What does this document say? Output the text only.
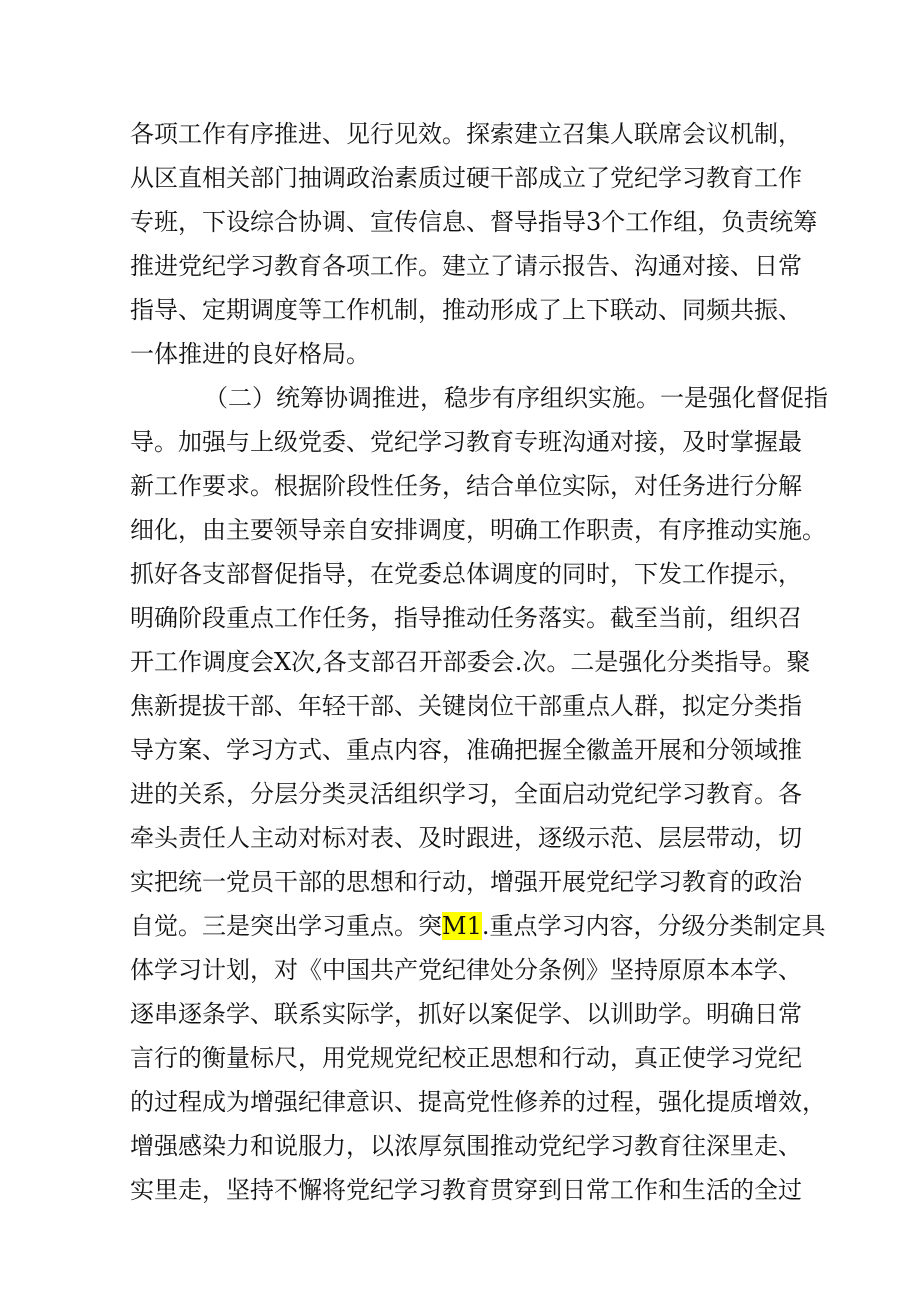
各项工作有序推进、见行见效。探索建立召集人联席会议机制，
从区直相关部门抽调政治素质过硬干部成立了党纪学习教育工作
专班，下设综合协调、宣传信息、督导指导3个工作组，负责统筹
推进党纪学习教育各项工作。建立了请示报告、沟通对接、日常
指导、定期调度等工作机制，推动形成了上下联动、同频共振、
一体推进的良好格局。
（二）统筹协调推进，稳步有序组织实施。一是强化督促指
导。加强与上级党委、党纪学习教育专班沟通对接，及时掌握最
新工作要求。根据阶段性任务，结合单位实际，对任务进行分解
细化，由主要领导亲自安排调度，明确工作职责，有序推动实施。
抓好各支部督促指导，在党委总体调度的同时，下发工作提示，
明确阶段重点工作任务，指导推动任务落实。截至当前，组织召
开工作调度会X次,各支部召开部委会.次。二是强化分类指导。聚
焦新提拔干部、年轻干部、关键岗位干部重点人群，拟定分类指
导方案、学习方式、重点内容，准确把握全徽盖开展和分领域推
进的关系，分层分类灵活组织学习，全面启动党纪学习教育。各
牵头责任人主动对标对表、及时跟进，逐级示范、层层带动，切
实把统一党员干部的思想和行动，增强开展党纪学习教育的政治
自觉。三是突出学习重点。突M1.重点学习内容，分级分类制定具
体学习计划，对《中国共产党纪律处分条例》坚持原原本本学、
逐串逐条学、联系实际学，抓好以案促学、以训助学。明确日常
言行的衡量标尺，用党规党纪校正思想和行动，真正使学习党纪
的过程成为增强纪律意识、提高党性修养的过程，强化提质增效，
增强感染力和说服力，以浓厚氛围推动党纪学习教育往深里走、
实里走，坚持不懈将党纪学习教育贯穿到日常工作和生活的全过
